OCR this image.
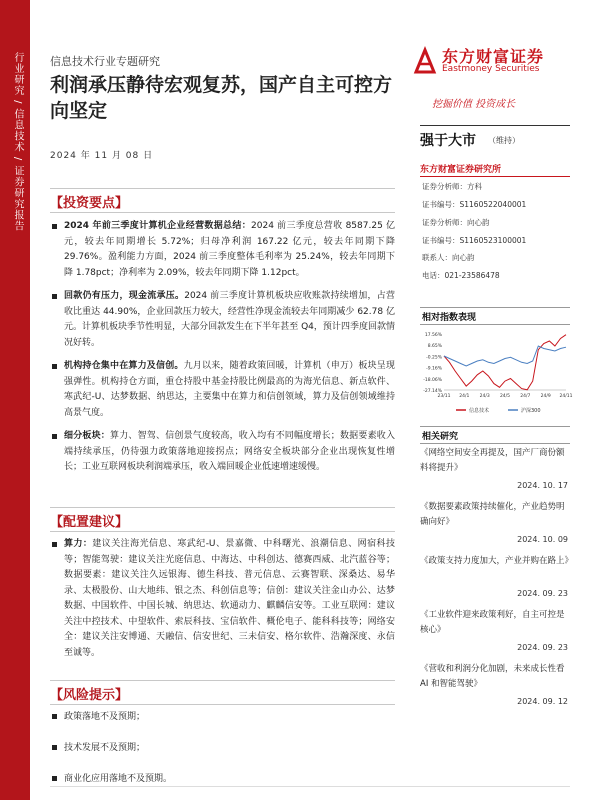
行业研究 / 信息技术 / 证券研究报告 信息技术行业专题研究
利润承压静待宏观复苏，国产自主可控方向坚定
2024 年 11 月 08 日
【投资要点】
2024 年前三季度计算机企业经营数据总结：2024 前三季度总营收 8587.25 亿元，较去年同期增长 5.72%；归母净利润 167.22 亿元，较去年同期下降 29.76%。盈利能力方面，2024 前三季度整体毛利率为 25.24%，较去年同期下降 1.78pct；净利率为 2.09%，较去年同期下降 1.12pct。
回款仍有压力，现金流承压。2024 前三季度计算机板块应收账款持续增加，占营收比重达 44.90%，企业回款压力较大，经营性净现金流较去年同期减少 62.78 亿元。计算机板块季节性明显，大部分回款发生在下半年甚至 Q4，预计四季度回款情况好转。
机构持仓集中在算力及信创。九月以来，随着政策回暖，计算机（申万）板块呈现强弹性。机构持仓方面，重仓持股中基金持股比例最高的为海光信息、新点软件、寒武纪-U、达梦数据、纳思达，主要集中在算力和信创领域，算力及信创领域维持高景气度。
细分板块：算力、智驾、信创景气度较高，收入均有不同幅度增长；数据要素收入端持续承压，仍待强力政策落地迎接拐点；网络安全板块部分企业出现恢复性增长；工业互联网板块利润端承压，收入端回暖企业低速增速缓慢。
【配置建议】
算力：建议关注海光信息、寒武纪-U、景嘉微、中科曙光、浪潮信息、网宿科技等；智能驾驶：建议关注光庭信息、中海达、中科创达、德赛西威、北汽蓝谷等；数据要素：建议关注久远银海、德生科技、普元信息、云赛智联、深桑达、易华录、太极股份、山大地纬、银之杰、科创信息等；信创：建议关注金山办公、达梦数据、中国软件、中国长城、纳思达、软通动力、麒麟信安等。工业互联网：建议关注中控技术、中望软件、索辰科技、宝信软件、概伦电子、能科科技等；网络安全：建议关注安博通、天融信、信安世纪、三未信安、格尔软件、浩瀚深度、永信至诚等。
【风险提示】
政策落地不及预期；
技术发展不及预期；
商业化应用落地不及预期。
东方财富证券
Eastmoney Securities
挖掘价值 投资成长
强于大市 （维持）
东方财富证券研究所
证券分析师：方科
证书编号：S1160522040001
证券分析师：向心韵
证书编号：S1160523100001
联系人：向心韵
电话：021-23586478
相对指数表现
17.56%
8.65%
-0.25%
-9.16%
-18.06%
-27.14%
23/11 24/1 24/3 24/5 24/7 24/9 24/11
信息技术	沪深300
相关研究
《网络空间安全再提及，国产厂商份额料将提升》
2024. 10. 17
《数据要素政策持续催化，产业趋势明确向好》
2024. 10. 09
《政策支持力度加大，产业并购在路上》
2024. 09. 23
《工业软件迎来政策利好，自主可控是核心》
2024. 09. 23
《营收和利润分化加剧，未来成长性看 AI 和智能驾驶》
2024. 09. 12
